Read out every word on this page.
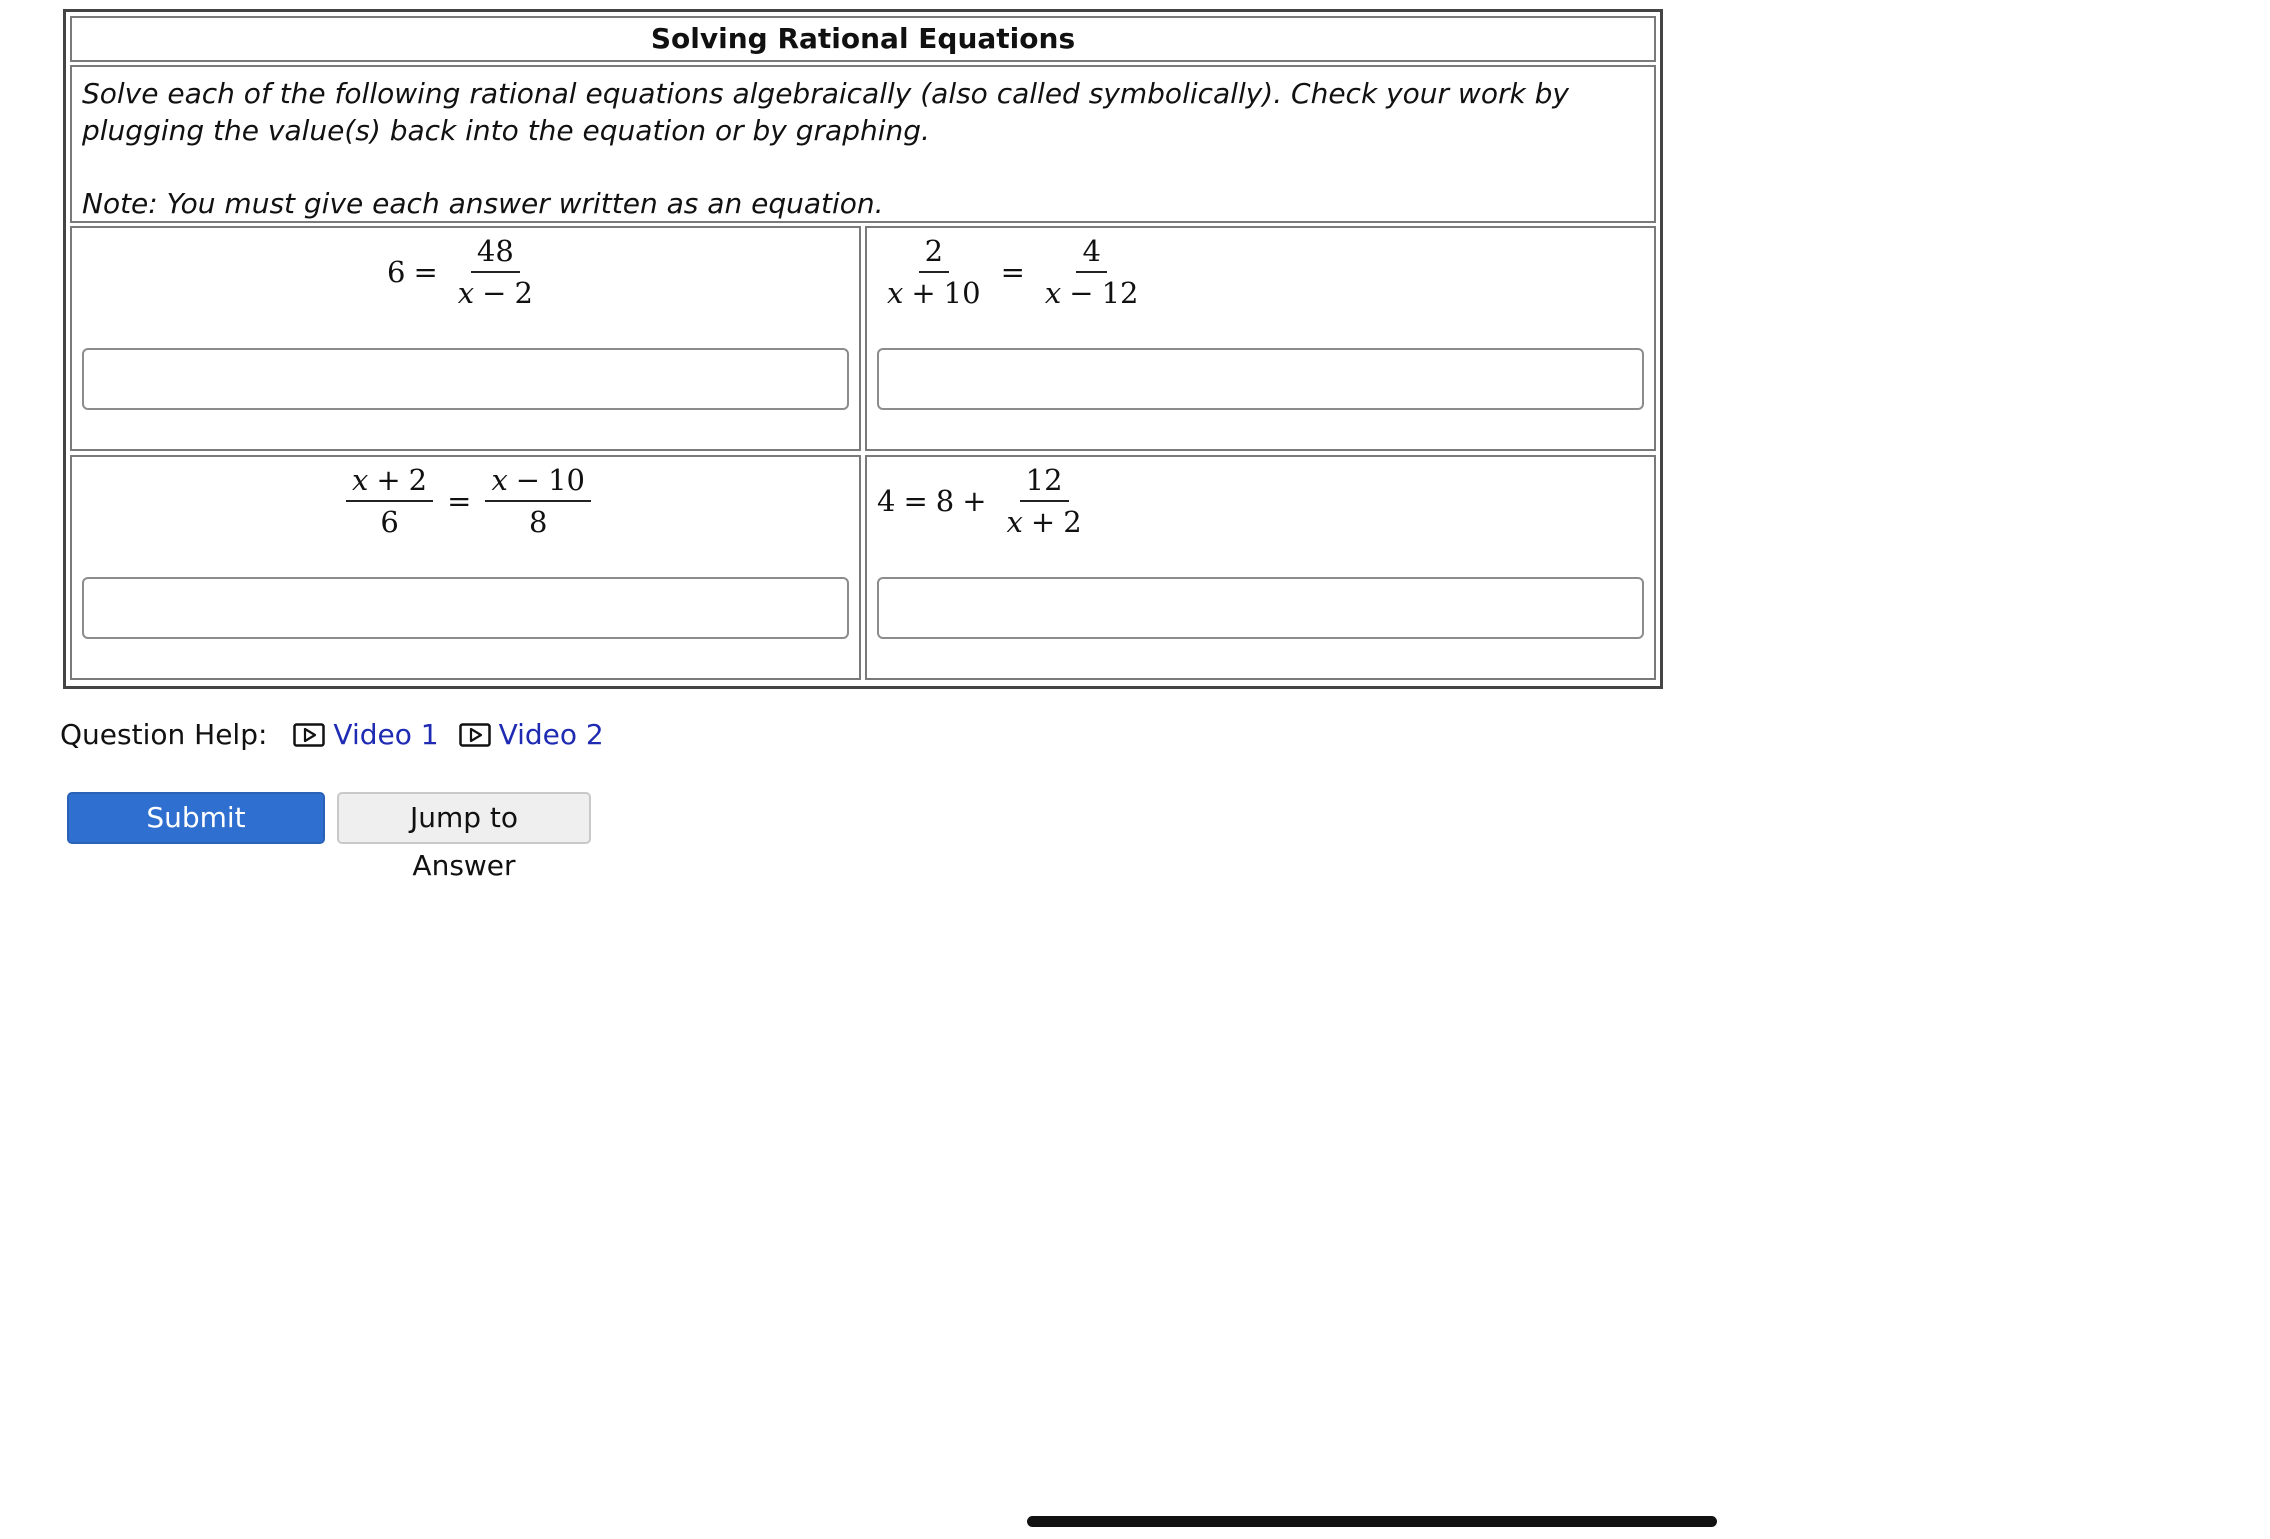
Solving Rational Equations

Solve each of the following rational equations algebraically (also called symbolically). Check your work by plugging the value(s) back into the equation or by graphing.

Note: You must give each answer written as an equation.

$6 = \frac{48}{x - 2}$	$\frac{2}{x + 10} = \frac{4}{x - 12}$
$\frac{x + 2}{6} = \frac{x - 10}{8}$	$4 = 8 + \frac{12}{x + 2}$
Question Help: Video 1 Video 2
Submit Question
Jump to Answer
